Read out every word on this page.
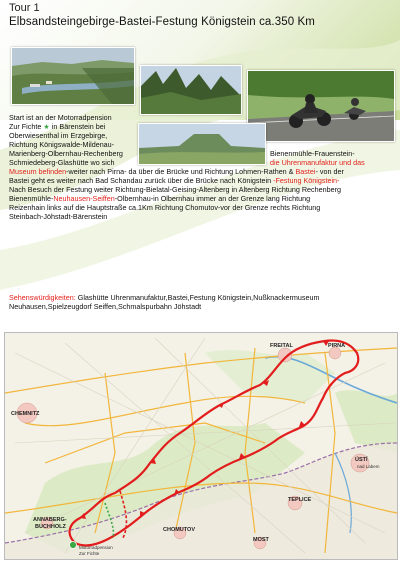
Tour 1
Elbsandsteingebirge-Bastei-Festung Königstein ca.350 Km
Start ist an der Motorradpension
Zur Fichte ★ in Bärenstein bei
Oberwiesenthal im Erzgebirge,
Richtung Königswalde-Mildenau-
Marienberg-Olbernhau-Rechenberg
Schmiedeberg-Glashütte wo sich
Bienenmühle-Frauenstein-
die Uhrenmanufaktur und das
Museum befinden-weiter nach Pirna- da über die Brücke und Richtung Lohmen-Rathen & Bastei- von der
Bastei geht es weiter nach Bad Schandau zurück über die Brücke nach Königstein -Festung Königstein-
Nach Besuch der Festung weiter Richtung-Bielatal-Geising-Altenberg in Altenberg Richtung Rechenberg
Bienenmühle-Neuhausen-Seiffen-Olbernhau-in Olbernhau immer an der Grenze lang Richtung
Reizenhain links auf die Hauptstraße ca.1Km Richtung Chomutov-vor der Grenze rechts Richtung
Steinbach-Jöhstadt-Bärenstein
Sehenswürdigkeiten: Glashütte Uhrenmanufaktur,Bastei,Festung Königstein,Nußknackermuseum
Neuhausen,Spielzeugdorf Seiffen,Schmalspurbahn Jöhstadt
CHEMNITZ
FREITAL	PIRNA
ÚSTÍ
TEPLICE
MOST
CHOMUTOV
ANNABERG-
BUCHHOLZ
nad Labem
Motorradpension
Zur Fichte
